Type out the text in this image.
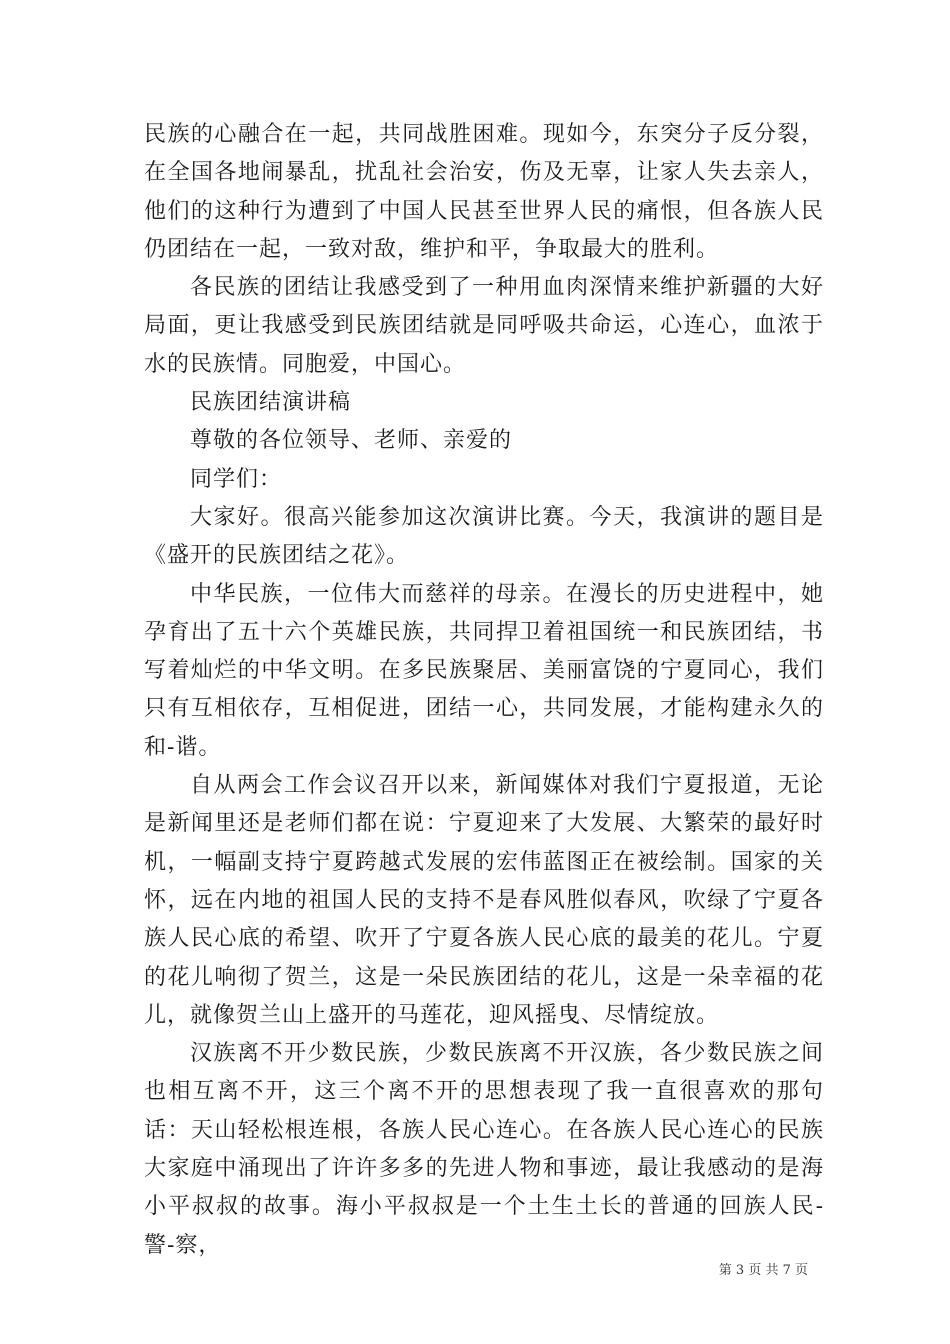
民族的心融合在一起，共同战胜困难。现如今，东突分子反分裂，在全国各地闹暴乱，扰乱社会治安，伤及无辜，让家人失去亲人，他们的这种行为遭到了中国人民甚至世界人民的痛恨，但各族人民仍团结在一起，一致对敌，维护和平，争取最大的胜利。

各民族的团结让我感受到了一种用血肉深情来维护新疆的大好局面，更让我感受到民族团结就是同呼吸共命运，心连心，血浓于水的民族情。同胞爱，中国心。

民族团结演讲稿

尊敬的各位领导、老师、亲爱的

同学们：

大家好。很高兴能参加这次演讲比赛。今天，我演讲的题目是《盛开的民族团结之花》。

中华民族，一位伟大而慈祥的母亲。在漫长的历史进程中，她孕育出了五十六个英雄民族，共同捍卫着祖国统一和民族团结，书写着灿烂的中华文明。在多民族聚居、美丽富饶的宁夏同心，我们只有互相依存，互相促进，团结一心，共同发展，才能构建永久的和-谐。

自从两会工作会议召开以来，新闻媒体对我们宁夏报道，无论是新闻里还是老师们都在说：宁夏迎来了大发展、大繁荣的最好时机，一幅副支持宁夏跨越式发展的宏伟蓝图正在被绘制。国家的关怀，远在内地的祖国人民的支持不是春风胜似春风，吹绿了宁夏各族人民心底的希望、吹开了宁夏各族人民心底的最美的花儿。宁夏的花儿响彻了贺兰，这是一朵民族团结的花儿，这是一朵幸福的花儿，就像贺兰山上盛开的马莲花，迎风摇曳、尽情绽放。

汉族离不开少数民族，少数民族离不开汉族，各少数民族之间也相互离不开，这三个离不开的思想表现了我一直很喜欢的那句话：天山轻松根连根，各族人民心连心。在各族人民心连心的民族大家庭中涌现出了许许多多的先进人物和事迹，最让我感动的是海小平叔叔的故事。海小平叔叔是一个土生土长的普通的回族人民-警-察，

第 3 页 共 7 页
